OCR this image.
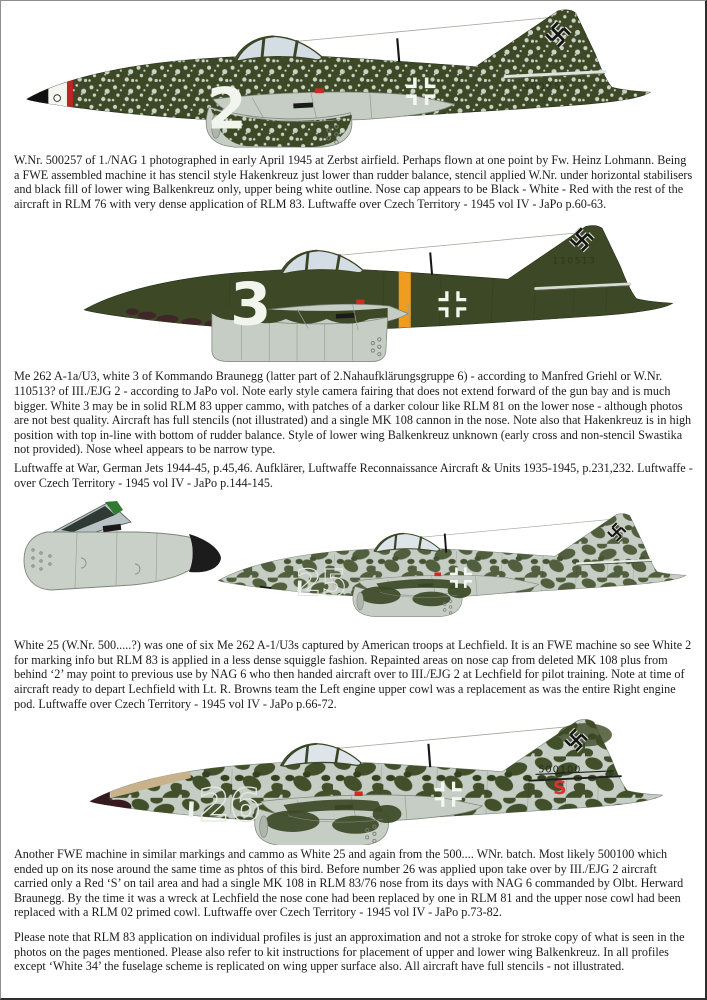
2	500257
W.Nr. 500257 of 1./NAG 1 photographed in early April 1945 at Zerbst airfield. Perhaps flown at one point by Fw. Heinz Lohmann. Being a FWE assembled machine it has stencil style Hakenkreuz just lower than rudder balance, stencil applied W.Nr. under horizontal stabilisers and black fill of lower wing Balkenkreuz only, upper being white outline. Nose cap appears to be Black - White - Red with the rest of the aircraft in RLM 76 with very dense application of RLM 83. Luftwaffe over Czech Territory - 1945 vol IV - JaPo p.60-63.
3
110513
Me 262 A-1a/U3, white 3 of Kommando Braunegg (latter part of 2.Nahaufklärungsgruppe 6) - according to Manfred Griehl or W.Nr. 110513? of III./EJG 2 - according to JaPo vol. Note early style camera fairing that does not extend forward of the gun bay and is much bigger. White 3 may be in solid RLM 83 upper cammo, with patches of a darker colour like RLM 81 on the lower nose - although photos are not best quality. Aircraft has full stencils (not illustrated) and a single MK 108 cannon in the nose. Note also that Hakenkreuz is in high position with top in-line with bottom of rudder balance. Style of lower wing Balkenkreuz unknown (early cross and non-stencil Swastika not provided). Nose wheel appears to be narrow type.
Luftwaffe at War, German Jets 1944-45, p.45,46. Aufklärer, Luftwaffe Reconnaissance Aircraft & Units 1935-1945, p.231,232. Luftwaffe - over Czech Territory - 1945 vol IV - JaPo p.144-145.
25
White 25 (W.Nr. 500.....?) was one of six Me 262 A-1/U3s captured by American troops at Lechfield. It is an FWE machine so see White 2 for marking info but RLM 83 is applied in a less dense squiggle fashion. Repainted areas on nose cap from deleted MK 108 plus from behind ‘2’ may point to previous use by NAG 6 who then handed aircraft over to III./EJG 2 at Lechfield for pilot training. Note at time of aircraft ready to depart Lechfield with Lt. R. Browns team the Left engine upper cowl was a replacement as was the entire Right engine pod. Luftwaffe over Czech Territory - 1945 vol IV - JaPo p.66-72.
26
500100
S
Another FWE machine in similar markings and cammo as White 25 and again from the 500.... WNr. batch. Most likely 500100 which ended up on its nose around the same time as phtos of this bird. Before number 26 was applied upon take over by III./EJG 2 aircraft carried only a Red ‘S’ on tail area and had a single MK 108 in RLM 83/76 nose from its days with NAG 6 commanded by Olbt. Herward Braunegg. By the time it was a wreck at Lechfield the nose cone had been replaced by one in RLM 81 and the upper nose cowl had been replaced with a RLM 02 primed cowl. Luftwaffe over Czech Territory - 1945 vol IV - JaPo p.73-82.
Please note that RLM 83 application on individual profiles is just an approximation and not a stroke for stroke copy of what is seen in the photos on the pages mentioned. Please also refer to kit instructions for placement of upper and lower wing Balkenkreuz. In all profiles except ‘White 34’ the fuselage scheme is replicated on wing upper surface also. All aircraft have full stencils - not illustrated.
